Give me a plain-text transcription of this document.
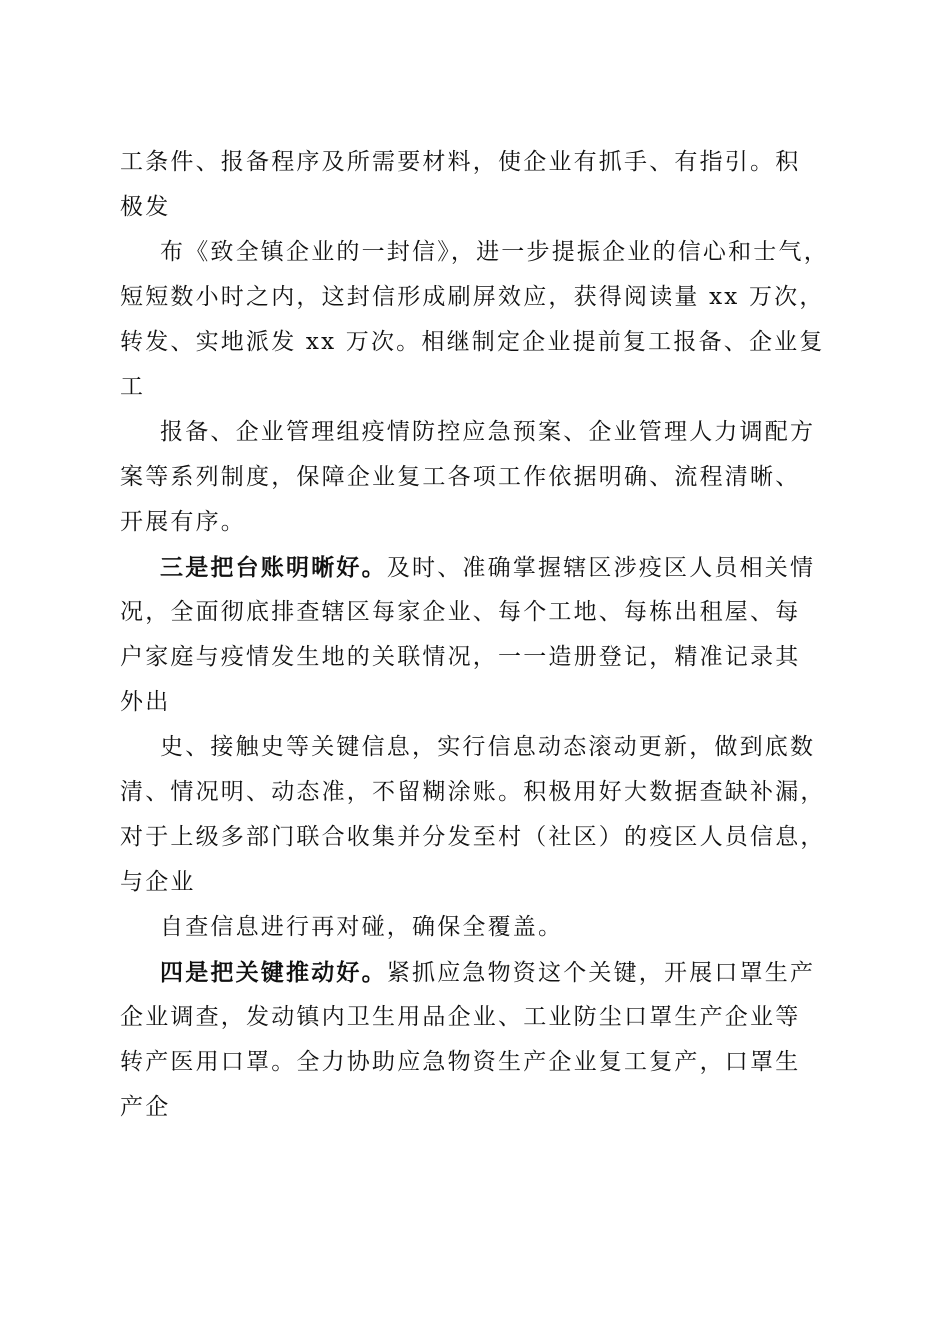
工条件、报备程序及所需要材料，使企业有抓手、有指引。积
极发
布《致全镇企业的一封信》，进一步提振企业的信心和士气，
短短数小时之内，这封信形成刷屏效应，获得阅读量 xx 万次，
转发、实地派发 xx 万次。相继制定企业提前复工报备、企业复
工
报备、企业管理组疫情防控应急预案、企业管理人力调配方
案等系列制度，保障企业复工各项工作依据明确、流程清晰、
开展有序。
三是把台账明晰好。及时、准确掌握辖区涉疫区人员相关情
况，全面彻底排查辖区每家企业、每个工地、每栋出租屋、每
户家庭与疫情发生地的关联情况，一一造册登记，精准记录其
外出
史、接触史等关键信息，实行信息动态滚动更新，做到底数
清、情况明、动态准，不留糊涂账。积极用好大数据查缺补漏，
对于上级多部门联合收集并分发至村（社区）的疫区人员信息，
与企业
自查信息进行再对碰，确保全覆盖。
四是把关键推动好。紧抓应急物资这个关键，开展口罩生产
企业调查，发动镇内卫生用品企业、工业防尘口罩生产企业等
转产医用口罩。全力协助应急物资生产企业复工复产，口罩生
产企
